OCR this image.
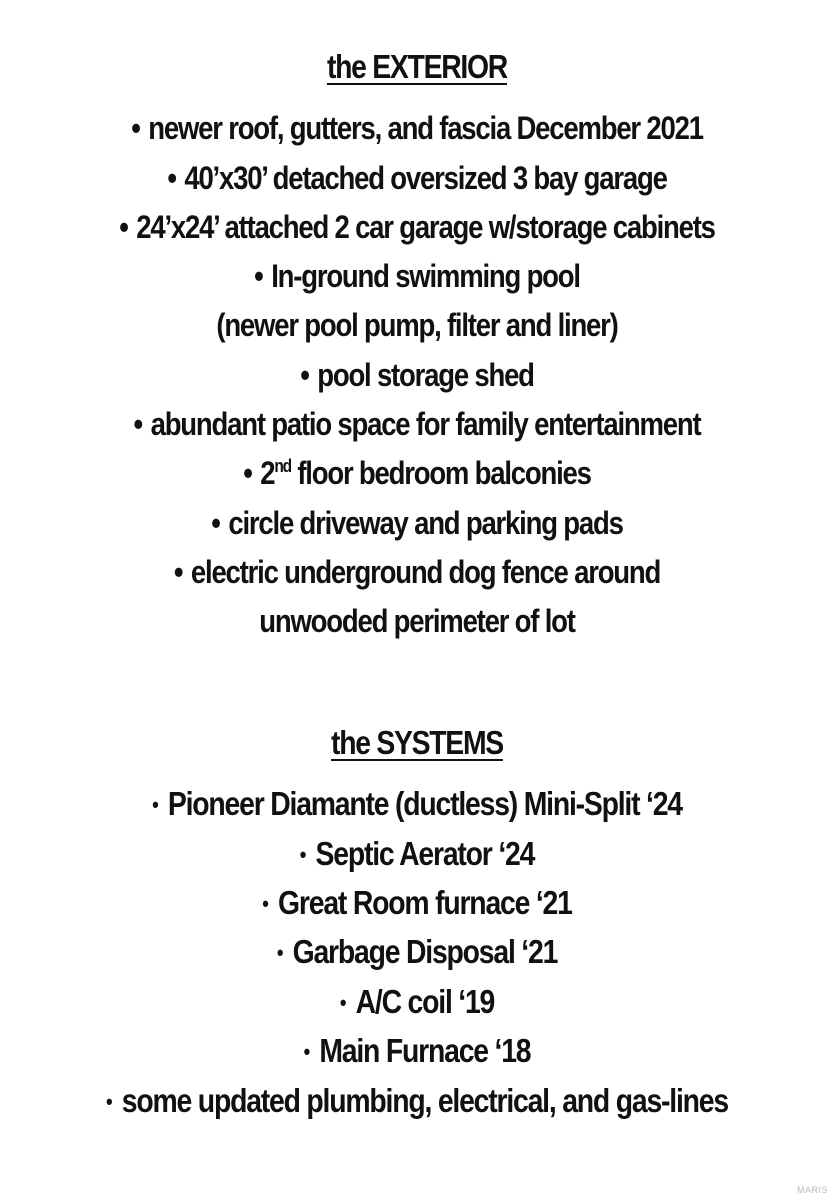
the EXTERIOR
• newer roof, gutters, and fascia December 2021
• 40’x30’ detached oversized 3 bay garage
• 24’x24’ attached 2 car garage w/storage cabinets
• In-ground swimming pool
(newer pool pump, filter and liner)
• pool storage shed
• abundant patio space for family entertainment
• 2nd floor bedroom balconies
• circle driveway and parking pads
• electric underground dog fence around
unwooded perimeter of lot
the SYSTEMS
• Pioneer Diamante (ductless) Mini-Split ‘24
• Septic Aerator ‘24
• Great Room furnace ‘21
• Garbage Disposal ‘21
• A/C coil ‘19
• Main Furnace ‘18
• some updated plumbing, electrical, and gas-lines
MARIS
